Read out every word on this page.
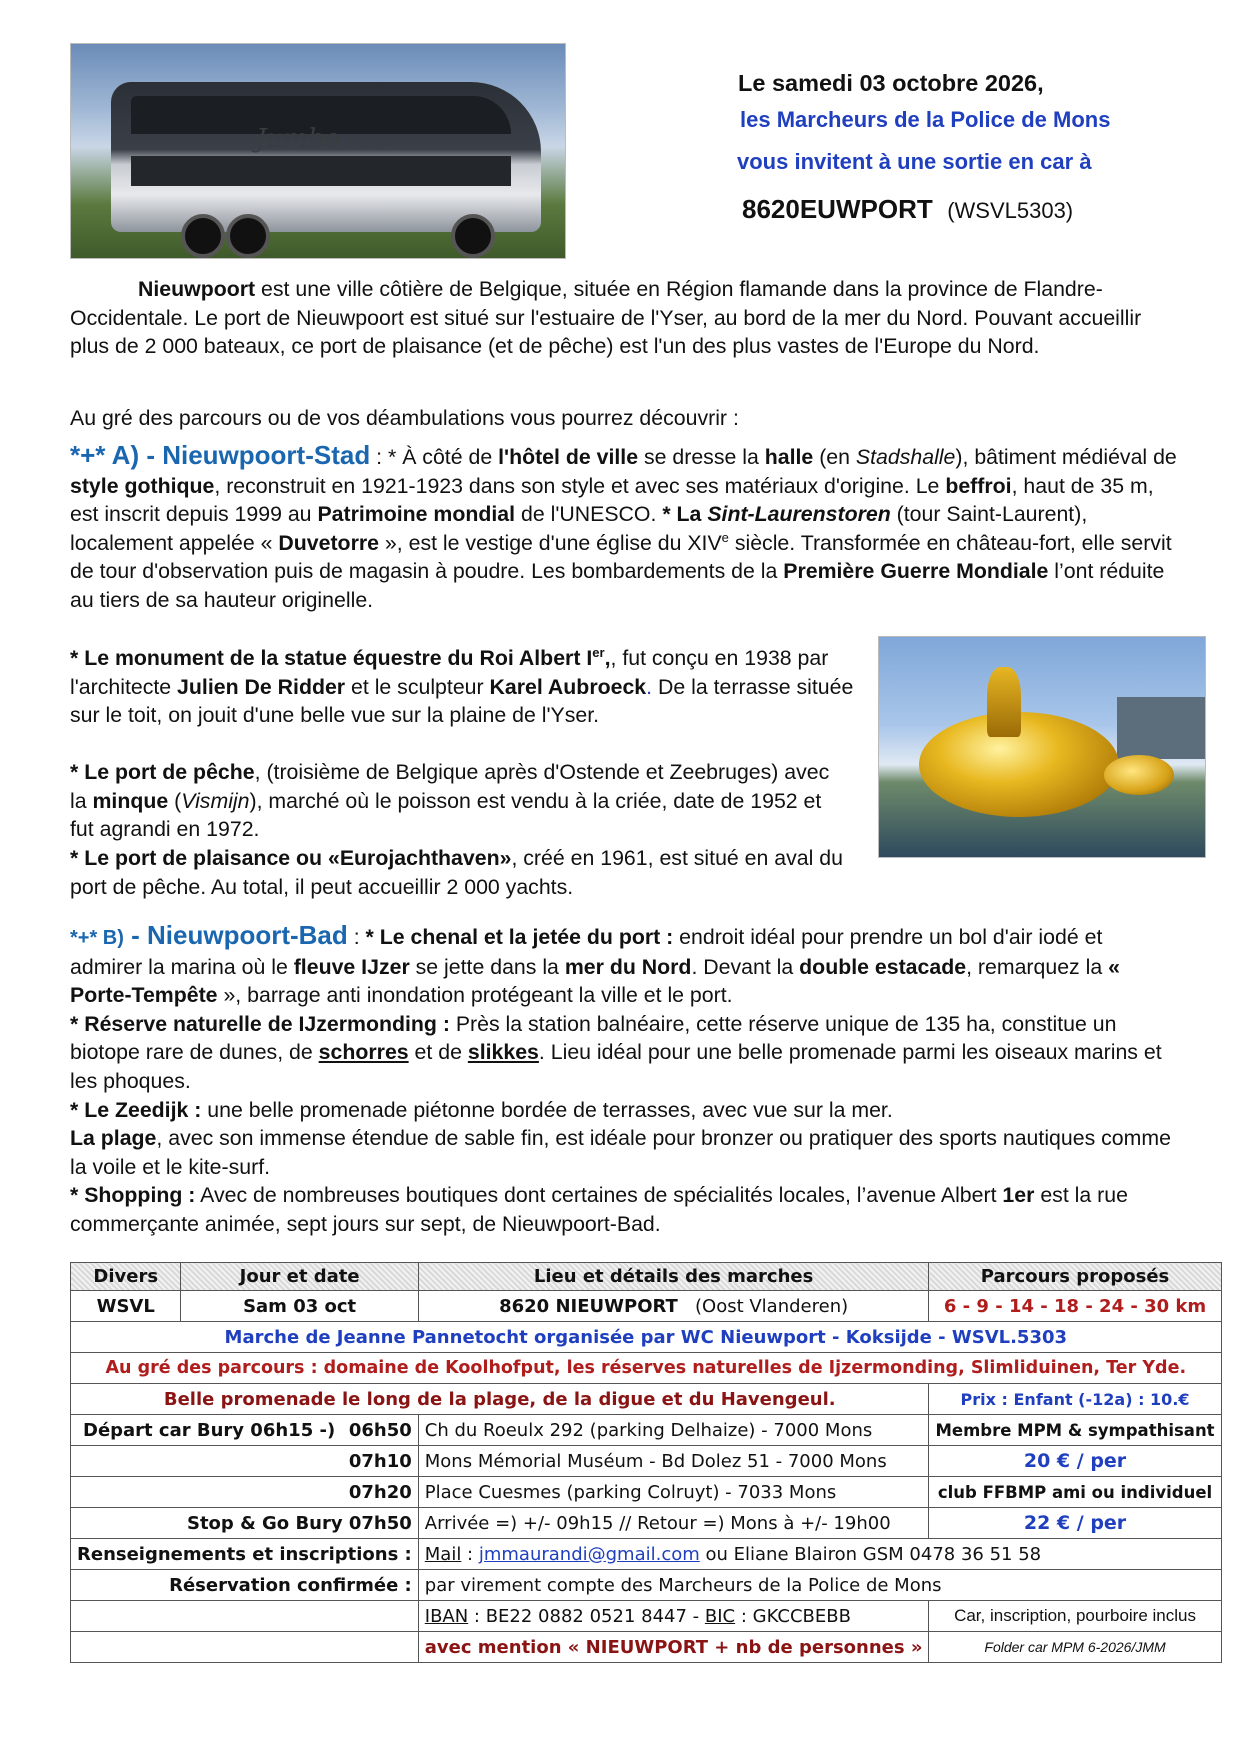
Jumbo tourisme
Le samedi 03 octobre 2026,
les Marcheurs de la Police de Mons
vous invitent à une sortie en car à
8620EUWPORT (WSVL5303)
Nieuwpoort est une ville côtière de Belgique, située en Région flamande dans la province de Flandre-Occidentale. Le port de Nieuwpoort est situé sur l'estuaire de l'Yser, au bord de la mer du Nord. Pouvant accueillir plus de 2 000 bateaux, ce port de plaisance (et de pêche) est l'un des plus vastes de l'Europe du Nord.
Au gré des parcours ou de vos déambulations vous pourrez découvrir :
*+* A) - Nieuwpoort-Stad : * À côté de l'hôtel de ville se dresse la halle (en Stadshalle), bâtiment médiéval de style gothique, reconstruit en 1921-1923 dans son style et avec ses matériaux d'origine. Le beffroi, haut de 35 m, est inscrit depuis 1999 au Patrimoine mondial de l'UNESCO. * La Sint-Laurenstoren (tour Saint-Laurent), localement appelée « Duvetorre », est le vestige d'une église du XIVe siècle. Transformée en château-fort, elle servit de tour d'observation puis de magasin à poudre. Les bombardements de la Première Guerre Mondiale l’ont réduite au tiers de sa hauteur originelle.
* Le monument de la statue équestre du Roi Albert Ier,, fut conçu en 1938 par l'architecte Julien De Ridder et le sculpteur Karel Aubroeck. De la terrasse située sur le toit, on jouit d'une belle vue sur la plaine de l'Yser.
* Le port de pêche, (troisième de Belgique après d'Ostende et Zeebruges) avec la minque (Vismijn), marché où le poisson est vendu à la criée, date de 1952 et fut agrandi en 1972.
* Le port de plaisance ou «Eurojachthaven», créé en 1961, est situé en aval du port de pêche. Au total, il peut accueillir 2 000 yachts.
*+* B) - Nieuwpoort-Bad : * Le chenal et la jetée du port : endroit idéal pour prendre un bol d'air iodé et admirer la marina où le fleuve IJzer se jette dans la mer du Nord. Devant la double estacade, remarquez la « Porte-Tempête », barrage anti inondation protégeant la ville et le port.
* Réserve naturelle de IJzermonding : Près la station balnéaire, cette réserve unique de 135 ha, constitue un biotope rare de dunes, de schorres et de slikkes. Lieu idéal pour une belle promenade parmi les oiseaux marins et les phoques.
* Le Zeedijk : une belle promenade piétonne bordée de terrasses, avec vue sur la mer.
La plage, avec son immense étendue de sable fin, est idéale pour bronzer ou pratiquer des sports nautiques comme la voile et le kite-surf.
* Shopping : Avec de nombreuses boutiques dont certaines de spécialités locales, l’avenue Albert 1er est la rue commerçante animée, sept jours sur sept, de Nieuwpoort-Bad.
Divers	Jour et date	Lieu et détails des marches	Parcours proposés
WSVL	Sam 03 oct	8620 NIEUWPORT (Oost Vlanderen)	6 - 9 - 14 - 18 - 24 - 30 km
Marche de Jeanne Pannetocht organisée par WC Nieuwport - Koksijde - WSVL.5303			
Au gré des parcours : domaine de Koolhofput, les réserves naturelles de Ijzermonding, Slimliduinen, Ter Yde.			
Belle promenade le long de la plage, de la digue et du Havengeul.			Prix : Enfant (-12a) : 10.€
Départ car Bury 06h15 -) 06h50		Ch du Roeulx 292 (parking Delhaize) - 7000 Mons	Membre MPM & sympathisant
07h10		Mons Mémorial Muséum - Bd Dolez 51 - 7000 Mons	20 € / per
07h20		Place Cuesmes (parking Colruyt) - 7033 Mons	club FFBMP ami ou individuel
Stop & Go Bury 07h50		Arrivée =) +/- 09h15 // Retour =) Mons à +/- 19h00	22 € / per
Renseignements et inscriptions :		Mail : jmmaurandi@gmail.com ou Eliane Blairon GSM 0478 36 51 58	
Réservation confirmée :		par virement compte des Marcheurs de la Police de Mons	
		IBAN : BE22 0882 0521 8447 - BIC : GKCCBEBB	Car, inscription, pourboire inclus
		avec mention « NIEUWPORT + nb de personnes »	Folder car MPM 6-2026/JMM
